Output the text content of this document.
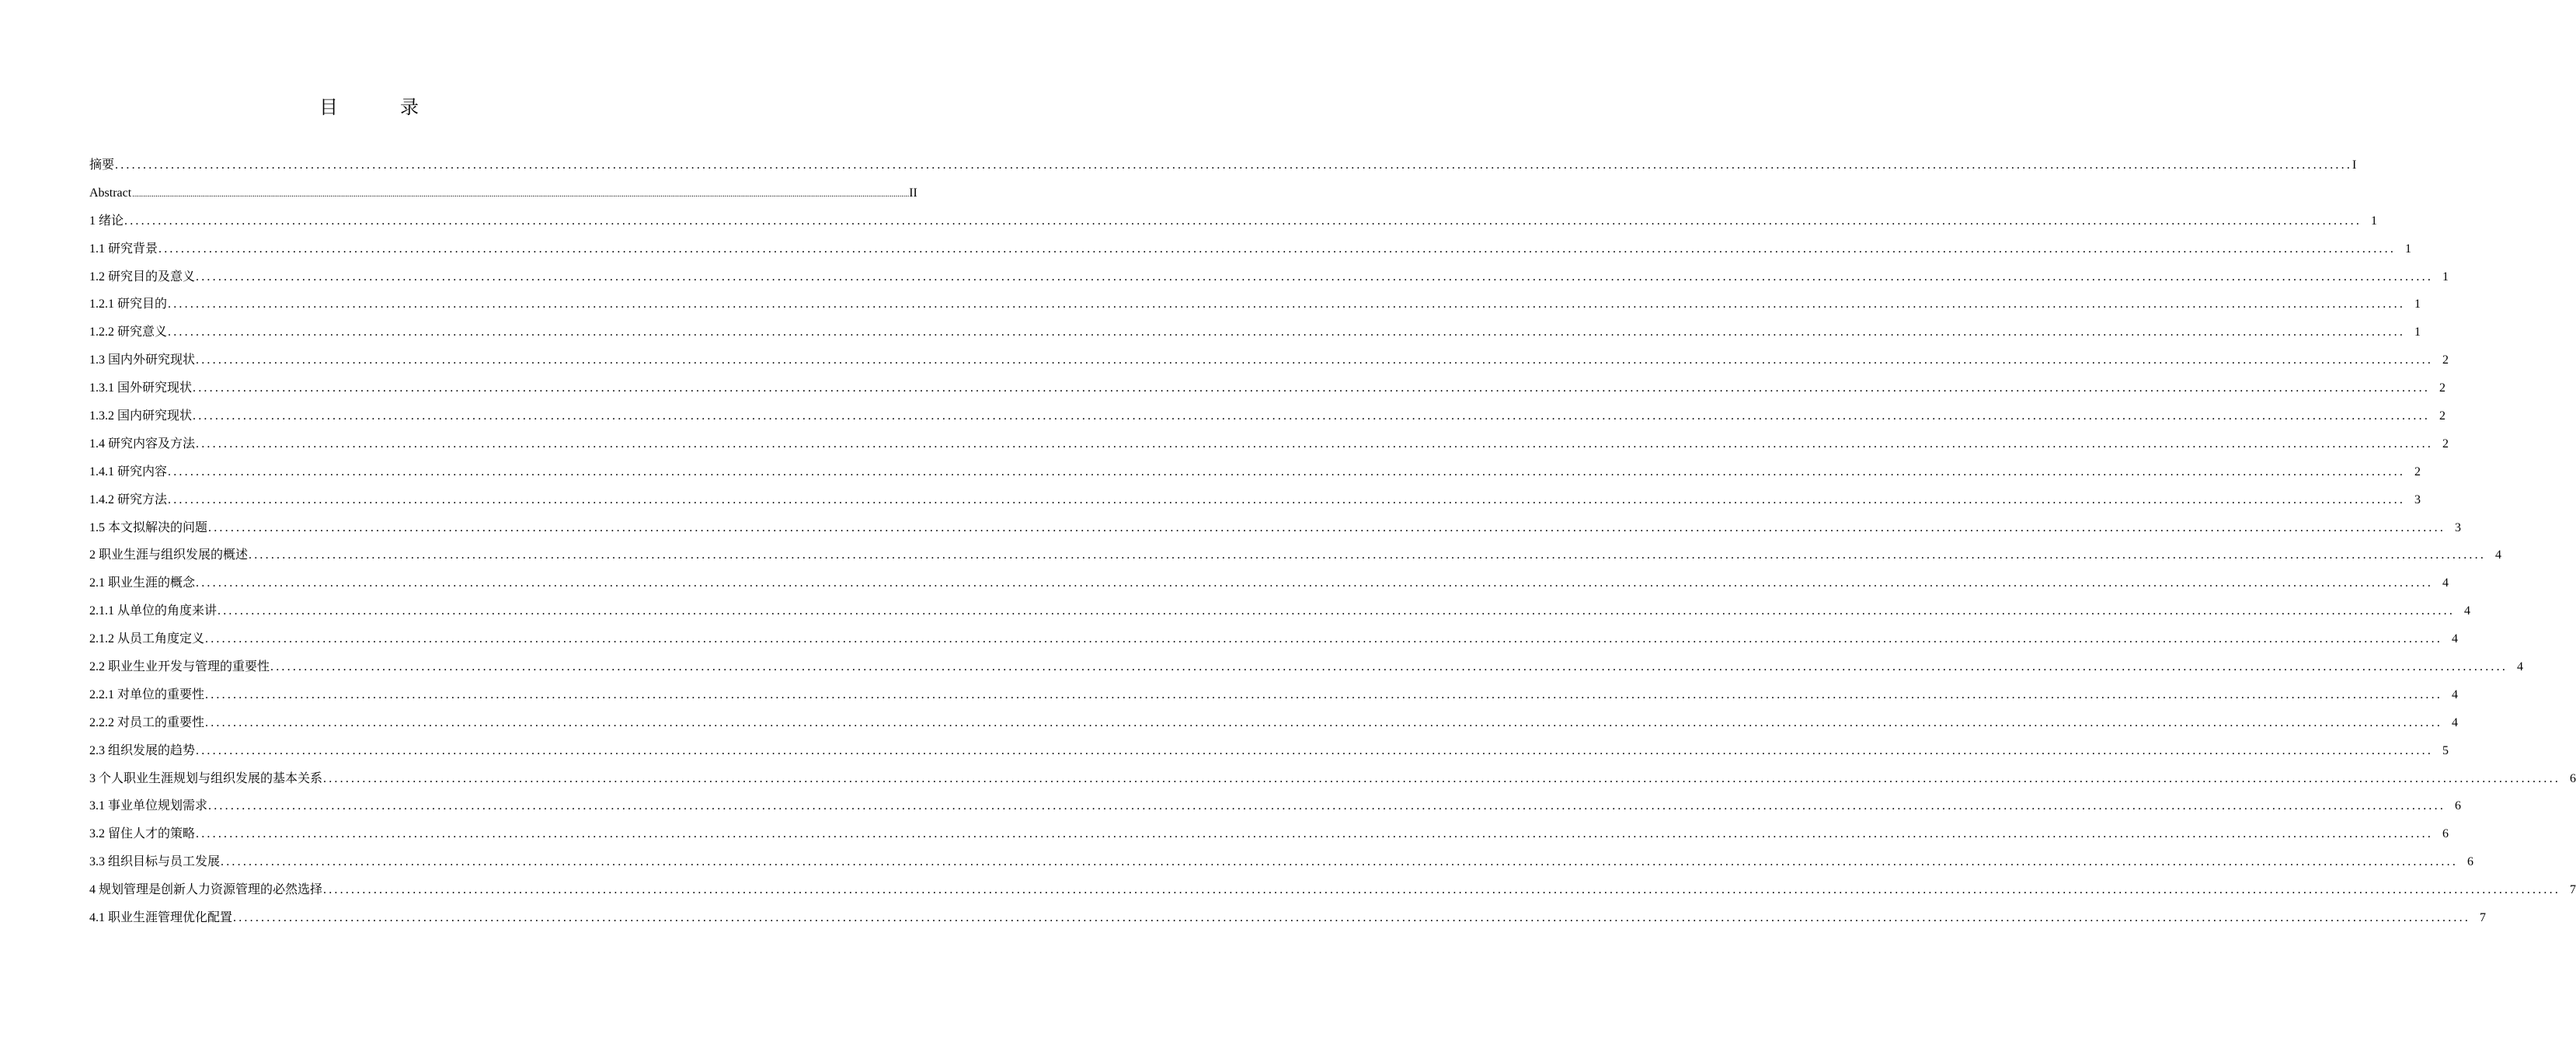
目　录
摘要 ................................................................................................................................................................................................................................................................................................................................................................................................................ I
Abstract ................................................................................................................................................................................................................................................................................................................................................................................................................ II
1 绪论 ................................................................................................................................................................................................................................................................................................................................................................................................................ 1
1.1 研究背景 ................................................................................................................................................................................................................................................................................................................................................................................................................ 1
1.2 研究目的及意义 ................................................................................................................................................................................................................................................................................................................................................................................................................ 1
1.2.1 研究目的 ................................................................................................................................................................................................................................................................................................................................................................................................................ 1
1.2.2 研究意义 ................................................................................................................................................................................................................................................................................................................................................................................................................ 1
1.3 国内外研究现状 ................................................................................................................................................................................................................................................................................................................................................................................................................ 2
1.3.1 国外研究现状 ................................................................................................................................................................................................................................................................................................................................................................................................................ 2
1.3.2 国内研究现状 ................................................................................................................................................................................................................................................................................................................................................................................................................ 2
1.4 研究内容及方法 ................................................................................................................................................................................................................................................................................................................................................................................................................ 2
1.4.1 研究内容 ................................................................................................................................................................................................................................................................................................................................................................................................................ 2
1.4.2 研究方法 ................................................................................................................................................................................................................................................................................................................................................................................................................ 3
1.5 本文拟解决的问题 ................................................................................................................................................................................................................................................................................................................................................................................................................ 3
2 职业生涯与组织发展的概述 ................................................................................................................................................................................................................................................................................................................................................................................................................ 4
2.1 职业生涯的概念 ................................................................................................................................................................................................................................................................................................................................................................................................................ 4
2.1.1 从单位的角度来讲 ................................................................................................................................................................................................................................................................................................................................................................................................................ 4
2.1.2 从员工角度定义 ................................................................................................................................................................................................................................................................................................................................................................................................................ 4
2.2 职业生业开发与管理的重要性 ................................................................................................................................................................................................................................................................................................................................................................................................................ 4
2.2.1 对单位的重要性 ................................................................................................................................................................................................................................................................................................................................................................................................................ 4
2.2.2 对员工的重要性 ................................................................................................................................................................................................................................................................................................................................................................................................................ 4
2.3 组织发展的趋势 ................................................................................................................................................................................................................................................................................................................................................................................................................ 5
3 个人职业生涯规划与组织发展的基本关系 ................................................................................................................................................................................................................................................................................................................................................................................................................ 6
3.1 事业单位规划需求 ................................................................................................................................................................................................................................................................................................................................................................................................................ 6
3.2 留住人才的策略 ................................................................................................................................................................................................................................................................................................................................................................................................................ 6
3.3 组织目标与员工发展 ................................................................................................................................................................................................................................................................................................................................................................................................................ 6
4 规划管理是创新人力资源管理的必然选择 ................................................................................................................................................................................................................................................................................................................................................................................................................ 7
4.1 职业生涯管理优化配置 ................................................................................................................................................................................................................................................................................................................................................................................................................ 7
